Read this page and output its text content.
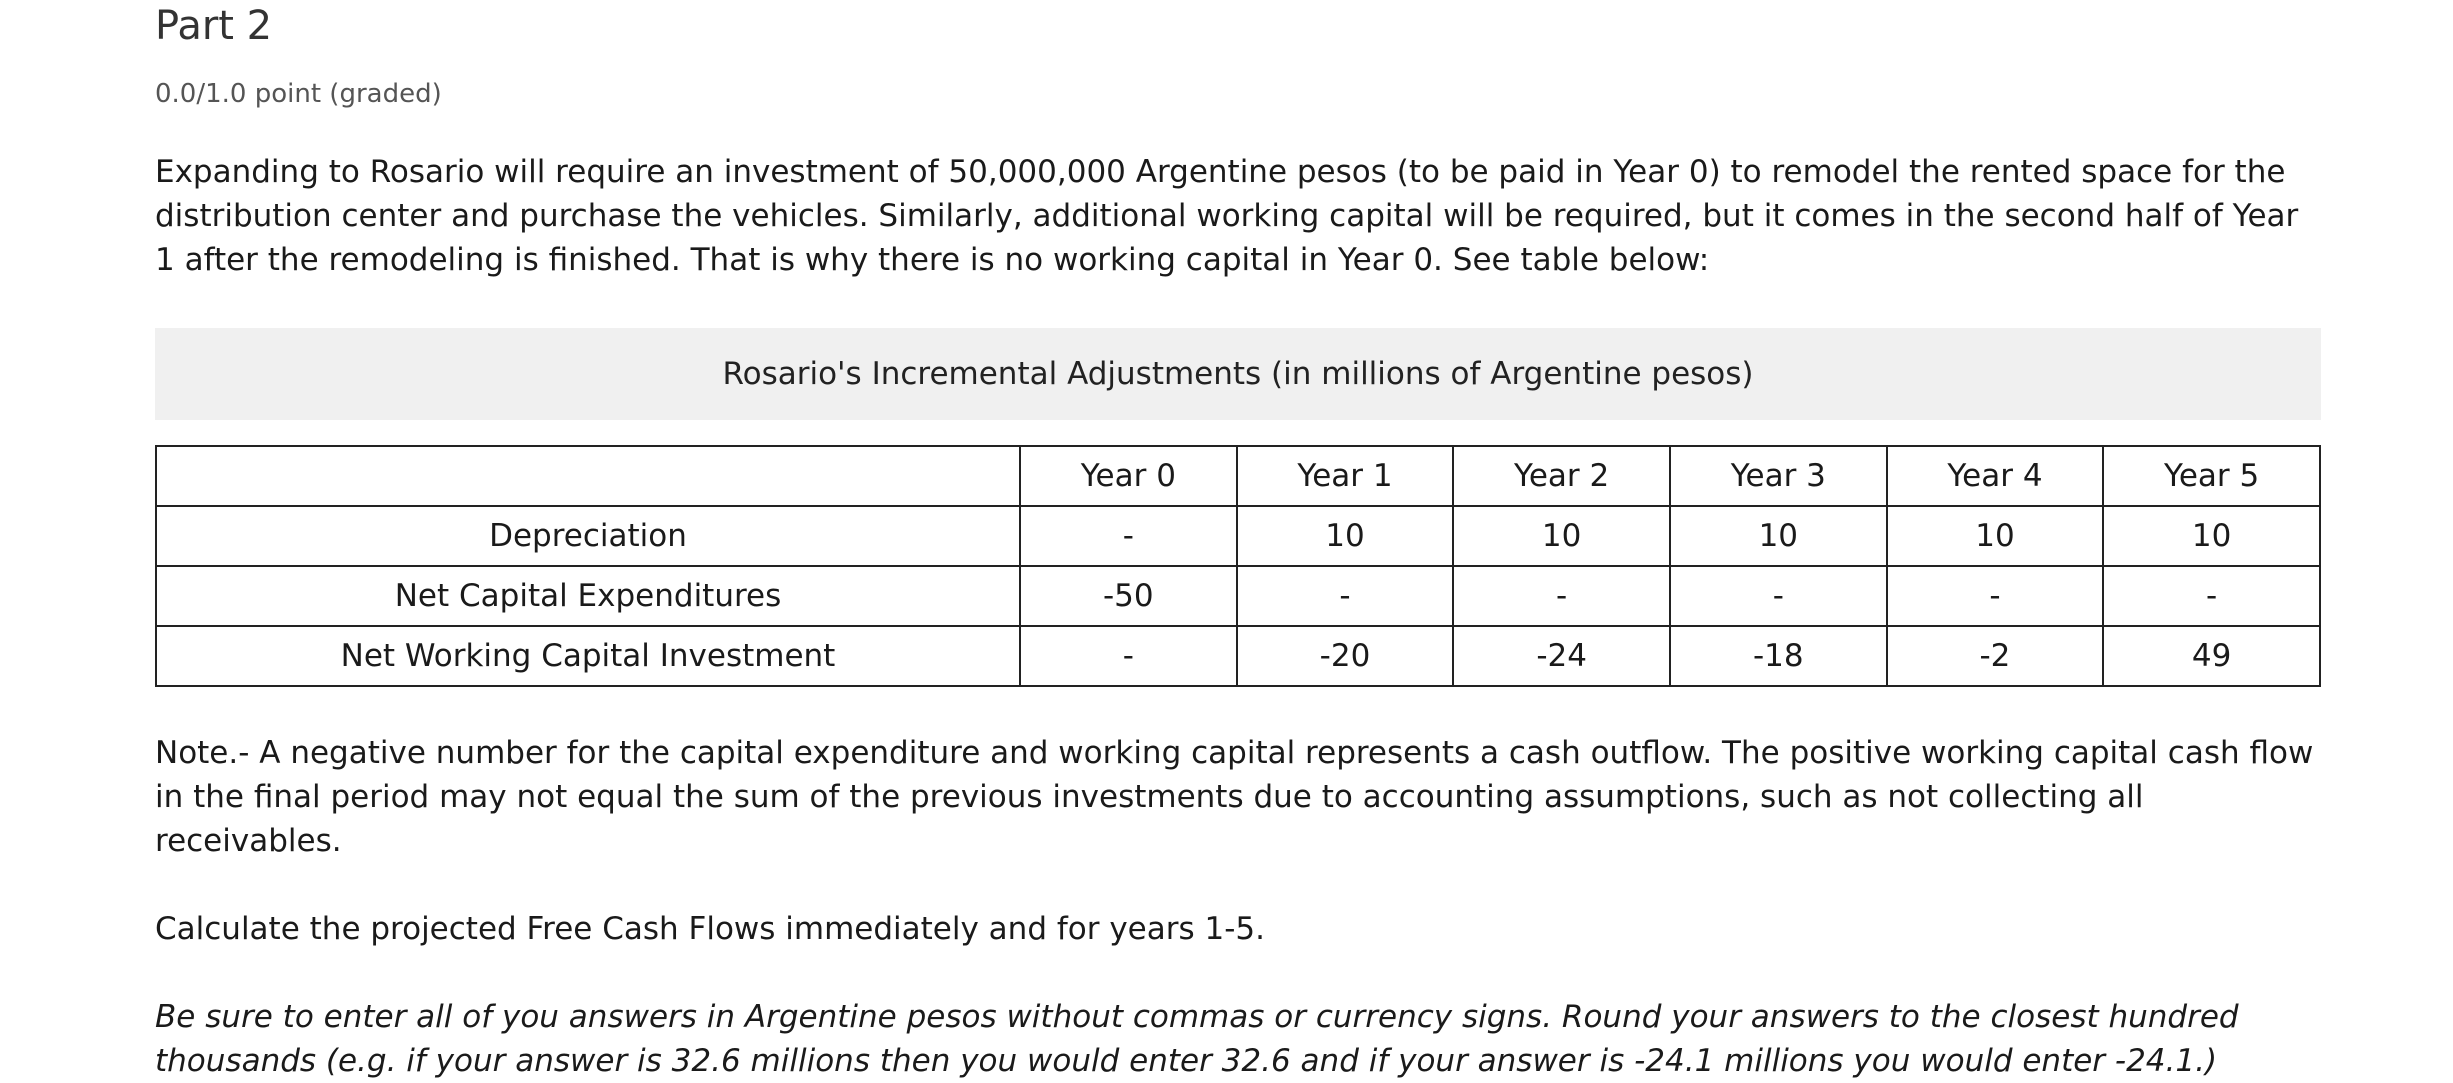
Part 2
0.0/1.0 point (graded)

Expanding to Rosario will require an investment of 50,000,000 Argentine pesos (to be paid in Year 0) to remodel the rented space for the distribution center and purchase the vehicles. Similarly, additional working capital will be required, but it comes in the second half of Year 1 after the remodeling is finished. That is why there is no working capital in Year 0. See table below:

Rosario's Incremental Adjustments (in millions of Argentine pesos)
	Year 0	Year 1	Year 2	Year 3	Year 4	Year 5
Depreciation	-	10	10	10	10	10
Net Capital Expenditures	-50	-	-	-	-	-
Net Working Capital Investment	-	-20	-24	-18	-2	49

Note.- A negative number for the capital expenditure and working capital represents a cash outflow. The positive working capital cash flow in the final period may not equal the sum of the previous investments due to accounting assumptions, such as not collecting all receivables.

Calculate the projected Free Cash Flows immediately and for years 1-5.

Be sure to enter all of you answers in Argentine pesos without commas or currency signs. Round your answers to the closest hundred thousands (e.g. if your answer is 32.6 millions then you would enter 32.6 and if your answer is -24.1 millions you would enter -24.1.)
